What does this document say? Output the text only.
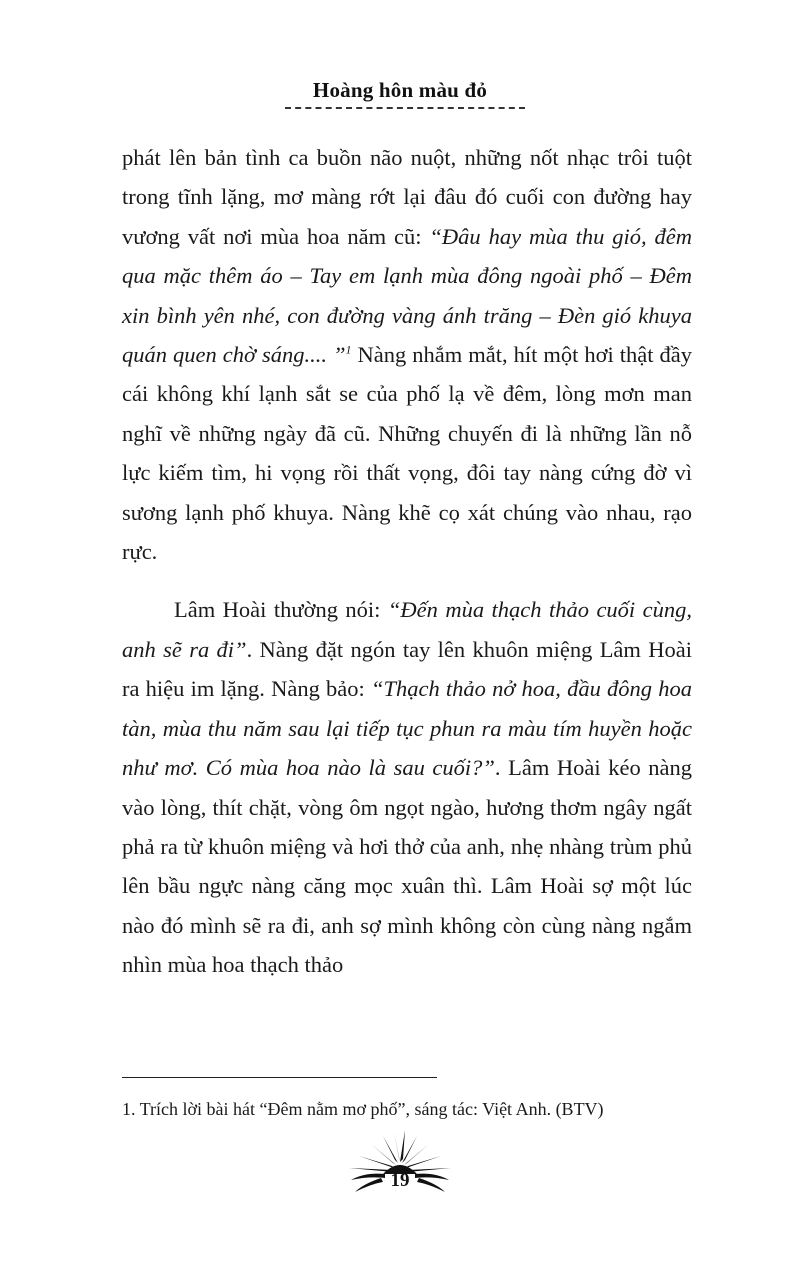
Hoàng hôn màu đỏ

phát lên bản tình ca buồn não nuột, những nốt nhạc trôi tuột trong tĩnh lặng, mơ màng rớt lại đâu đó cuối con đường hay vương vất nơi mùa hoa năm cũ: “Đâu hay mùa thu gió, đêm qua mặc thêm áo – Tay em lạnh mùa đông ngoài phố – Đêm xin bình yên nhé, con đường vàng ánh trăng – Đèn gió khuya quán quen chờ sáng.... ”$^1$ Nàng nhắm mắt, hít một hơi thật đầy cái không khí lạnh sắt se của phố lạ về đêm, lòng mơn man nghĩ về những ngày đã cũ. Những chuyến đi là những lần nỗ lực kiếm tìm, hi vọng rồi thất vọng, đôi tay nàng cứng đờ vì sương lạnh phố khuya. Nàng khẽ cọ xát chúng vào nhau, rạo rực.

Lâm Hoài thường nói: “Đến mùa thạch thảo cuối cùng, anh sẽ ra đi”. Nàng đặt ngón tay lên khuôn miệng Lâm Hoài ra hiệu im lặng. Nàng bảo: “Thạch thảo nở hoa, đầu đông hoa tàn, mùa thu năm sau lại tiếp tục phun ra màu tím huyền hoặc như mơ. Có mùa hoa nào là sau cuối?”. Lâm Hoài kéo nàng vào lòng, thít chặt, vòng ôm ngọt ngào, hương thơm ngây ngất phả ra từ khuôn miệng và hơi thở của anh, nhẹ nhàng trùm phủ lên bầu ngực nàng căng mọc xuân thì. Lâm Hoài sợ một lúc nào đó mình sẽ ra đi, anh sợ mình không còn cùng nàng ngắm nhìn mùa hoa thạch thảo

1. Trích lời bài hát “Đêm nằm mơ phố”, sáng tác: Việt Anh. (BTV)
19
